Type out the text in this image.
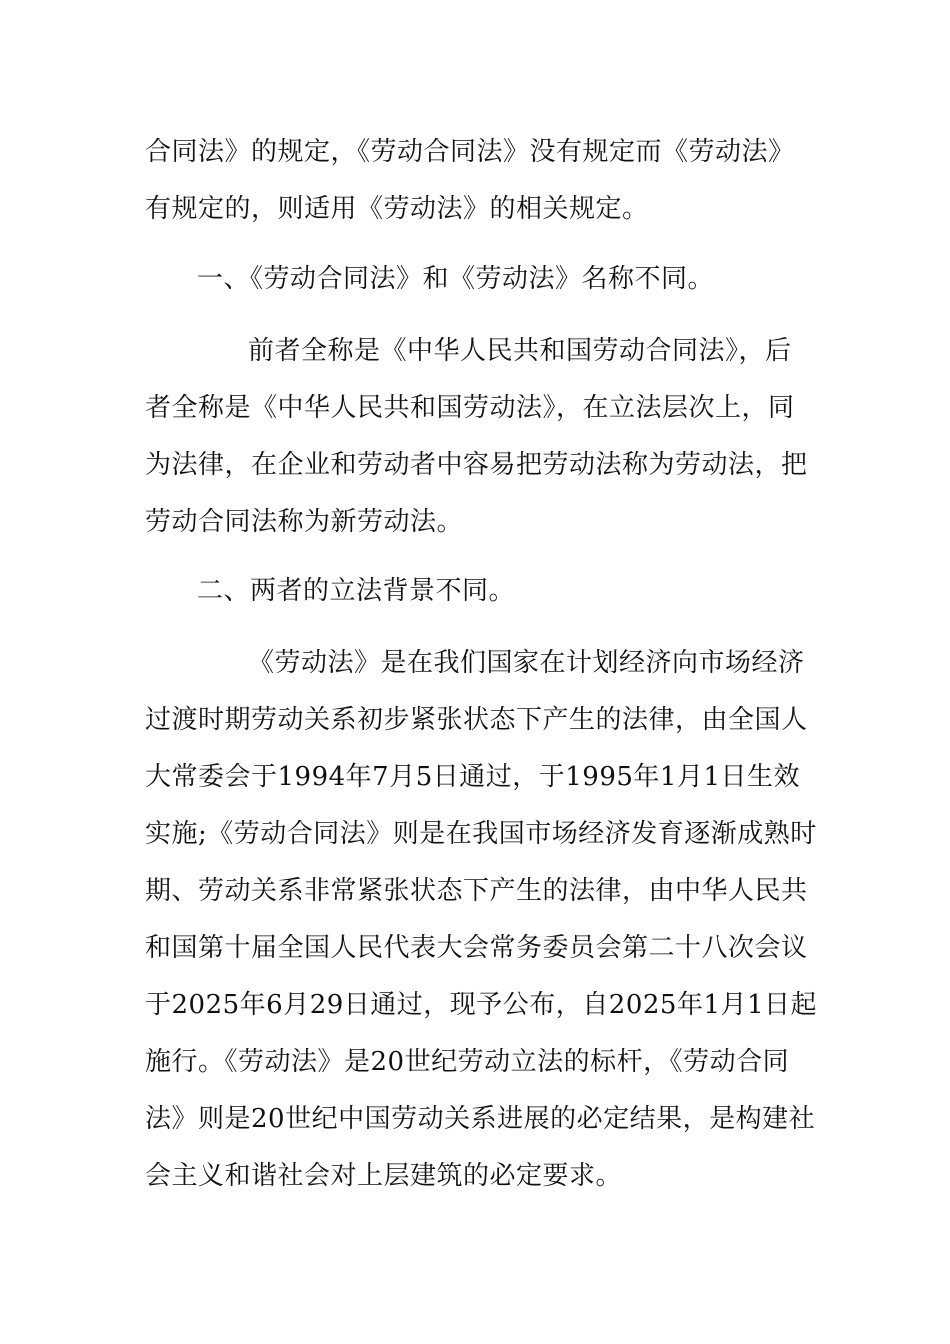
合同法》的规定，《劳动合同法》没有规定而《劳动法》
有规定的，则适用《劳动法》的相关规定。
一、《劳动合同法》和《劳动法》名称不同。
前者全称是《中华人民共和国劳动合同法》，后
者全称是《中华人民共和国劳动法》，在立法层次上，同
为法律，在企业和劳动者中容易把劳动法称为劳动法，把
劳动合同法称为新劳动法。
二、两者的立法背景不同。
《劳动法》是在我们国家在计划经济向市场经济
过渡时期劳动关系初步紧张状态下产生的法律，由全国人
大常委会于1994年7月5日通过，于1995年1月1日生效
实施;《劳动合同法》则是在我国市场经济发育逐渐成熟时
期、劳动关系非常紧张状态下产生的法律，由中华人民共
和国第十届全国人民代表大会常务委员会第二十八次会议
于2025年6月29日通过，现予公布，自2025年1月1日起
施行。《劳动法》是20世纪劳动立法的标杆，《劳动合同
法》则是20世纪中国劳动关系进展的必定结果，是构建社
会主义和谐社会对上层建筑的必定要求。
